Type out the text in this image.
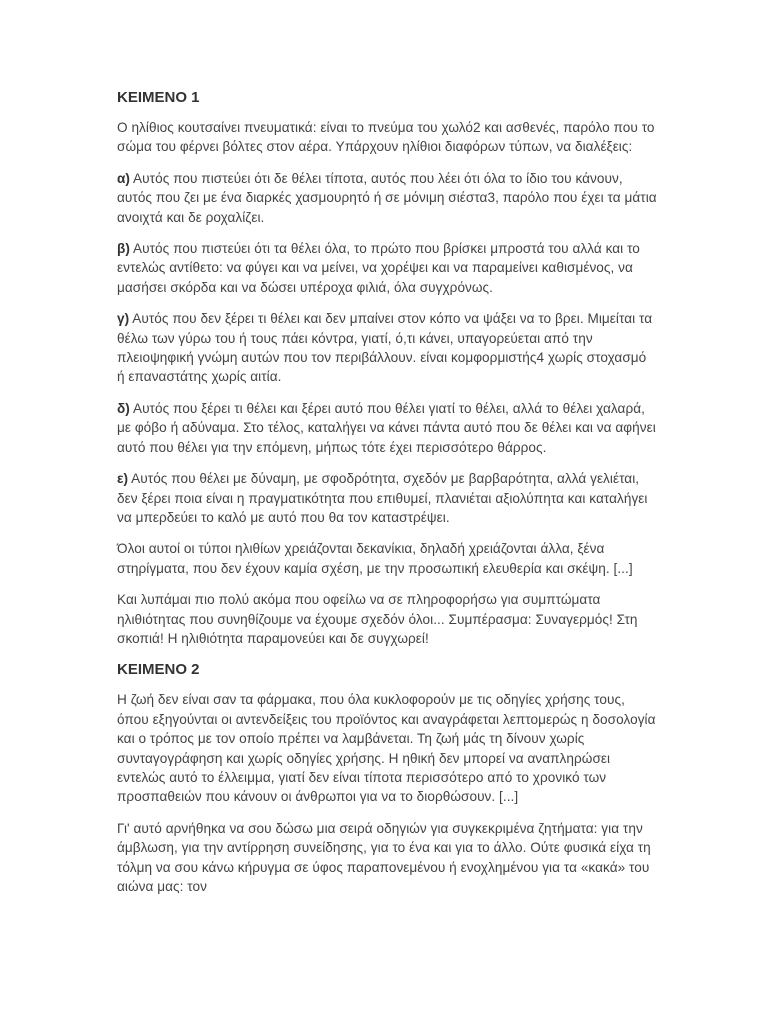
ΚΕΙΜΕΝΟ 1

Ο ηλίθιος κουτσαίνει πνευματικά: είναι το πνεύμα του χωλό2 και ασθενές, παρόλο που το σώμα του φέρνει βόλτες στον αέρα. Υπάρχουν ηλίθιοι διαφόρων τύπων, να διαλέξεις:

α) Αυτός που πιστεύει ότι δε θέλει τίποτα, αυτός που λέει ότι όλα το ίδιο του κάνουν, αυτός που ζει με ένα διαρκές χασμουρητό ή σε μόνιμη σιέστα3, παρόλο που έχει τα μάτια ανοιχτά και δε ροχαλίζει.

β) Αυτός που πιστεύει ότι τα θέλει όλα, το πρώτο που βρίσκει μπροστά του αλλά και το εντελώς αντίθετο: να φύγει και να μείνει, να χορέψει και να παραμείνει καθισμένος, να μασήσει σκόρδα και να δώσει υπέροχα φιλιά, όλα συγχρόνως.

γ) Αυτός που δεν ξέρει τι θέλει και δεν μπαίνει στον κόπο να ψάξει να το βρει. Μιμείται τα θέλω των γύρω του ή τους πάει κόντρα, γιατί, ό,τι κάνει, υπαγορεύεται από την πλειοψηφική γνώμη αυτών που τον περιβάλλουν. είναι κομφορμιστής4 χωρίς στοχασμό ή επαναστάτης χωρίς αιτία.

δ) Αυτός που ξέρει τι θέλει και ξέρει αυτό που θέλει γιατί το θέλει, αλλά το θέλει χαλαρά, με φόβο ή αδύναμα. Στο τέλος, καταλήγει να κάνει πάντα αυτό που δε θέλει και να αφήνει αυτό που θέλει για την επόμενη, μήπως τότε έχει περισσότερο θάρρος.

ε) Αυτός που θέλει με δύναμη, με σφοδρότητα, σχεδόν με βαρβαρότητα, αλλά γελιέται, δεν ξέρει ποια είναι η πραγματικότητα που επιθυμεί, πλανιέται αξιολύπητα και καταλήγει να μπερδεύει το καλό με αυτό που θα τον καταστρέψει.

Όλοι αυτοί οι τύποι ηλιθίων χρειάζονται δεκανίκια, δηλαδή χρειάζονται άλλα, ξένα στηρίγματα, που δεν έχουν καμία σχέση, με την προσωπική ελευθερία και σκέψη. [...]

Και λυπάμαι πιο πολύ ακόμα που οφείλω να σε πληροφορήσω για συμπτώματα ηλιθιότητας που συνηθίζουμε να έχουμε σχεδόν όλοι... Συμπέρασμα: Συναγερμός! Στη σκοπιά! Η ηλιθιότητα παραμονεύει και δε συγχωρεί!

ΚΕΙΜΕΝΟ 2

Η ζωή δεν είναι σαν τα φάρμακα, που όλα κυκλοφορούν με τις οδηγίες χρήσης τους, όπου εξηγούνται οι αντενδείξεις του προϊόντος και αναγράφεται λεπτομερώς η δοσολογία και ο τρόπος με τον οποίο πρέπει να λαμβάνεται. Τη ζωή μάς τη δίνουν χωρίς συνταγογράφηση και χωρίς οδηγίες χρήσης. Η ηθική δεν μπορεί να αναπληρώσει εντελώς αυτό το έλλειμμα, γιατί δεν είναι τίποτα περισσότερο από το χρονικό των προσπαθειών που κάνουν οι άνθρωποι για να το διορθώσουν. [...]

Γι' αυτό αρνήθηκα να σου δώσω μια σειρά οδηγιών για συγκεκριμένα ζητήματα: για την άμβλωση, για την αντίρρηση συνείδησης, για το ένα και για το άλλο. Ούτε φυσικά είχα τη τόλμη να σου κάνω κήρυγμα σε ύφος παραπονεμένου ή ενοχλημένου για τα «κακά» του αιώνα μας: τον
